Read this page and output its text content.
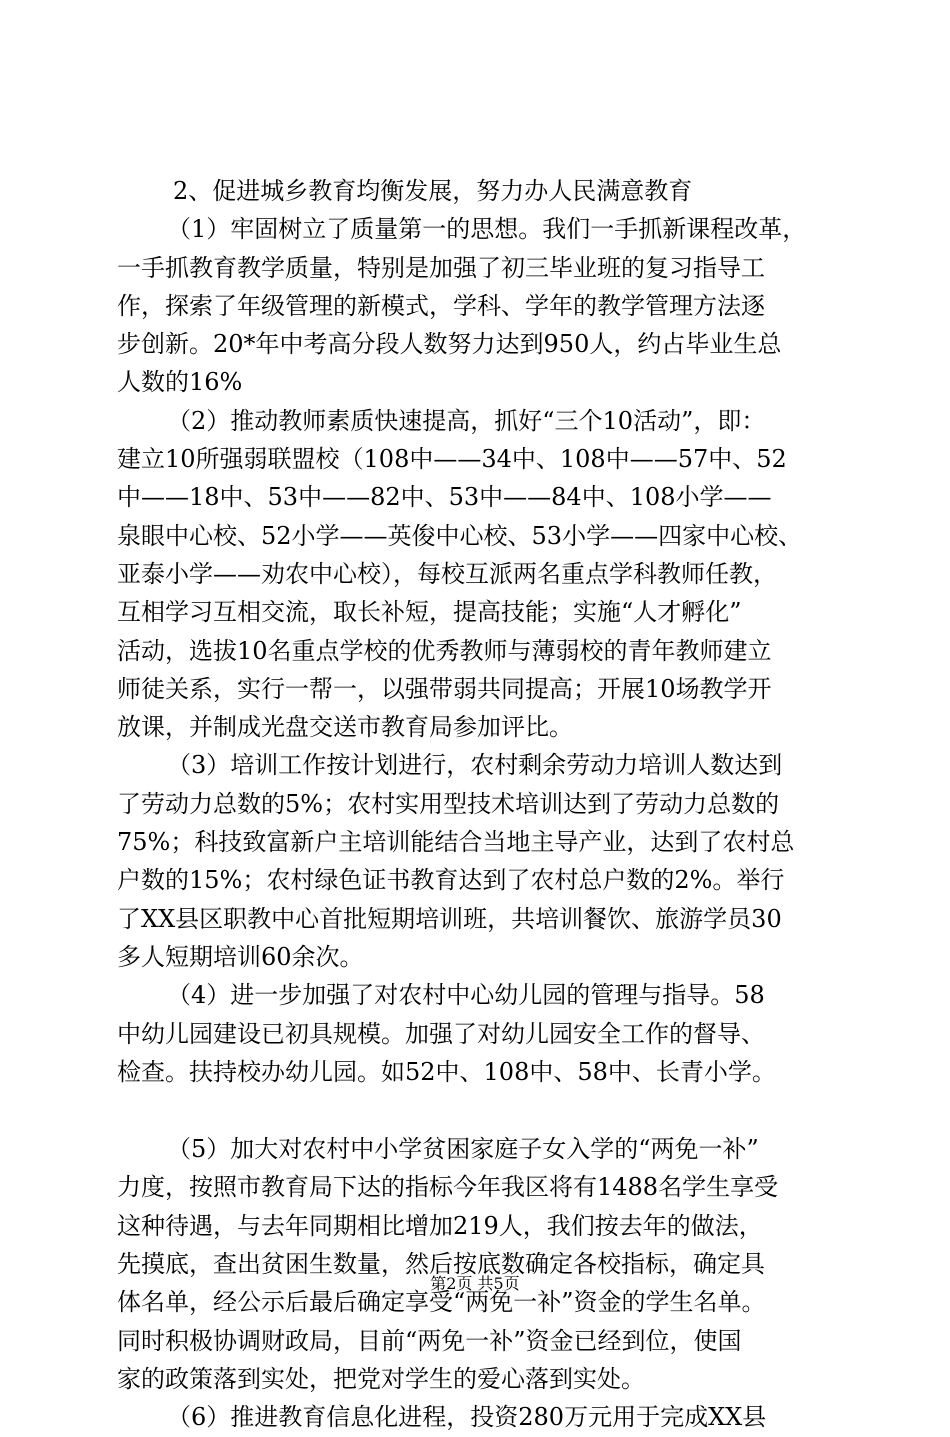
2、促进城乡教育均衡发展，努力办人民满意教育
（1）牢固树立了质量第一的思想。我们一手抓新课程改革，
一手抓教育教学质量，特别是加强了初三毕业班的复习指导工
作，探索了年级管理的新模式，学科、学年的教学管理方法逐
步创新。20*年中考高分段人数努力达到950人，约占毕业生总
人数的16%
（2）推动教师素质快速提高，抓好“三个10活动”，即：
建立10所强弱联盟校（108中——34中、108中——57中、52
中——18中、53中——82中、53中——84中、108小学——
泉眼中心校、52小学——英俊中心校、53小学——四家中心校、
亚泰小学——劝农中心校），每校互派两名重点学科教师任教，
互相学习互相交流，取长补短，提高技能；实施“人才孵化”
活动，选拔10名重点学校的优秀教师与薄弱校的青年教师建立
师徒关系，实行一帮一，以强带弱共同提高；开展10场教学开
放课，并制成光盘交送市教育局参加评比。
（3）培训工作按计划进行，农村剩余劳动力培训人数达到
了劳动力总数的5%；农村实用型技术培训达到了劳动力总数的
75%；科技致富新户主培训能结合当地主导产业，达到了农村总
户数的15%；农村绿色证书教育达到了农村总户数的2%。举行
了XX县区职教中心首批短期培训班，共培训餐饮、旅游学员30
多人短期培训60余次。
（4）进一步加强了对农村中心幼儿园的管理与指导。58
中幼儿园建设已初具规模。加强了对幼儿园安全工作的督导、
检查。扶持校办幼儿园。如52中、108中、58中、长青小学。
（5）加大对农村中小学贫困家庭子女入学的“两免一补”
力度，按照市教育局下达的指标今年我区将有1488名学生享受
这种待遇，与去年同期相比增加219人，我们按去年的做法，
先摸底，查出贫困生数量，然后按底数确定各校指标，确定具
体名单，经公示后最后确定享受“两免一补”资金的学生名单。
同时积极协调财政局，目前“两免一补”资金已经到位，使国
家的政策落到实处，把党对学生的爱心落到实处。
（6）推进教育信息化进程，投资280万元用于完成XX县
第2页 共5页
